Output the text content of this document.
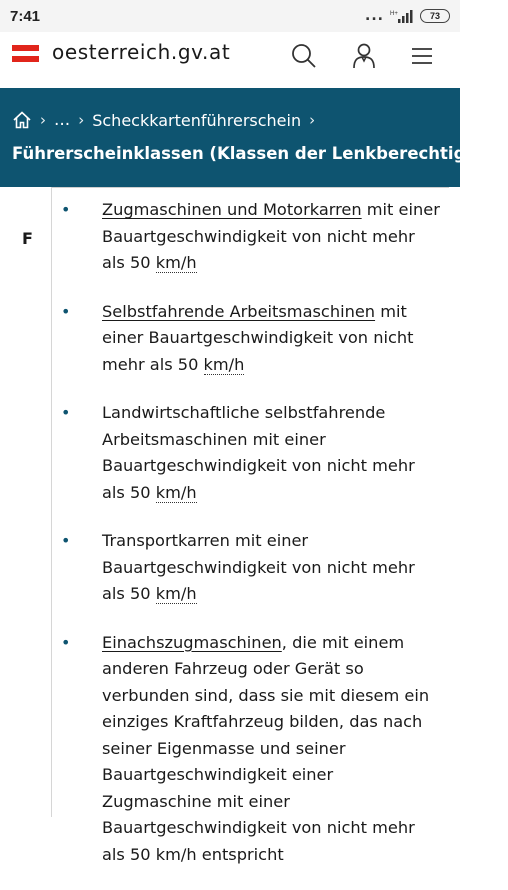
7:41	... H+	73
oesterreich.gv.at
› ... › Scheckkartenführerschein ›
Führerscheinklassen (Klassen der Lenkberechtigung)
F
• Zugmaschinen und Motorkarren mit einer Bauartgeschwindigkeit von nicht mehr als 50 km/h
• Selbstfahrende Arbeitsmaschinen mit einer Bauartgeschwindigkeit von nicht mehr als 50 km/h
• Landwirtschaftliche selbstfahrende Arbeitsmaschinen mit einer Bauartgeschwindigkeit von nicht mehr als 50 km/h
• Transportkarren mit einer Bauartgeschwindigkeit von nicht mehr als 50 km/h
• Einachszugmaschinen, die mit einem anderen Fahrzeug oder Gerät so verbunden sind, dass sie mit diesem ein einziges Kraftfahrzeug bilden, das nach seiner Eigenmasse und seiner Bauartgeschwindigkeit einer Zugmaschine mit einer Bauartgeschwindigkeit von nicht mehr als 50 km/h entspricht
